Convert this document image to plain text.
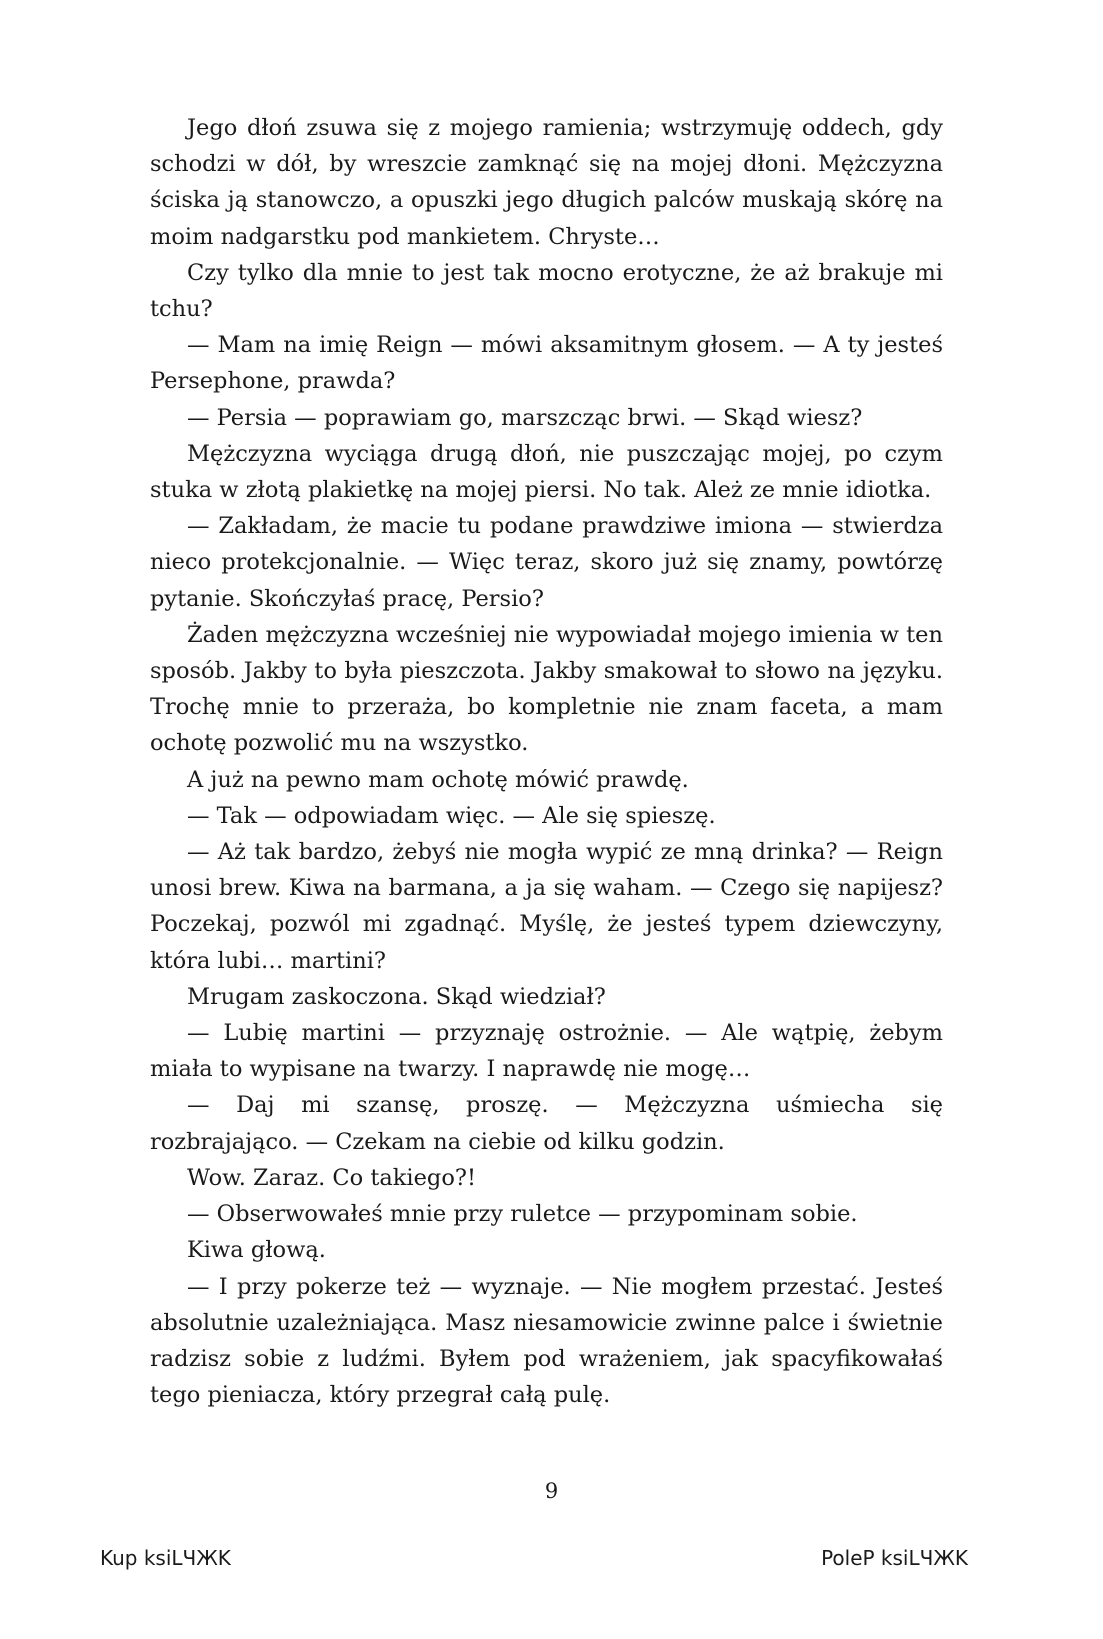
Jego dłoń zsuwa się z mojego ramienia; wstrzymuję oddech, gdy schodzi w dół, by wreszcie zamknąć się na mojej dłoni. Mężczyzna ściska ją stanowczo, a opuszki jego długich palców muskają skórę na moim nadgarstku pod mankietem. Chryste…

Czy tylko dla mnie to jest tak mocno erotyczne, że aż brakuje mi tchu?

— Mam na imię Reign — mówi aksamitnym głosem. — A ty jesteś Persephone, prawda?

— Persia — poprawiam go, marszcząc brwi. — Skąd wiesz?

Mężczyzna wyciąga drugą dłoń, nie puszczając mojej, po czym stuka w złotą plakietkę na mojej piersi. No tak. Ależ ze mnie idiotka.

— Zakładam, że macie tu podane prawdziwe imiona — stwierdza nieco protekcjonalnie. — Więc teraz, skoro już się znamy, powtórzę pytanie. Skończyłaś pracę, Persio?

Żaden mężczyzna wcześniej nie wypowiadał mojego imienia w ten sposób. Jakby to była pieszczota. Jakby smakował to słowo na języku. Trochę mnie to przeraża, bo kompletnie nie znam faceta, a mam ochotę pozwolić mu na wszystko.

A już na pewno mam ochotę mówić prawdę.

— Tak — odpowiadam więc. — Ale się spieszę.

— Aż tak bardzo, żebyś nie mogła wypić ze mną drinka? — Reign unosi brew. Kiwa na barmana, a ja się waham. — Czego się napijesz? Poczekaj, pozwól mi zgadnąć. Myślę, że jesteś typem dziewczyny, która lubi… martini?

Mrugam zaskoczona. Skąd wiedział?

— Lubię martini — przyznaję ostrożnie. — Ale wątpię, żebym miała to wypisane na twarzy. I naprawdę nie mogę…

— Daj mi szansę, proszę. — Mężczyzna uśmiecha się rozbrajająco. — Czekam na ciebie od kilku godzin.

Wow. Zaraz. Co takiego?!

— Obserwowałeś mnie przy ruletce — przypominam sobie.

Kiwa głową.

— I przy pokerze też — wyznaje. — Nie mogłem przestać. Jesteś absolutnie uzależniająca. Masz niesamowicie zwinne palce i świetnie radzisz sobie z ludźmi. Byłem pod wrażeniem, jak spacyfikowałaś tego pieniacza, który przegrał całą pulę.

9
Kup ksiLЧЖK	PoleP ksiLЧЖK
